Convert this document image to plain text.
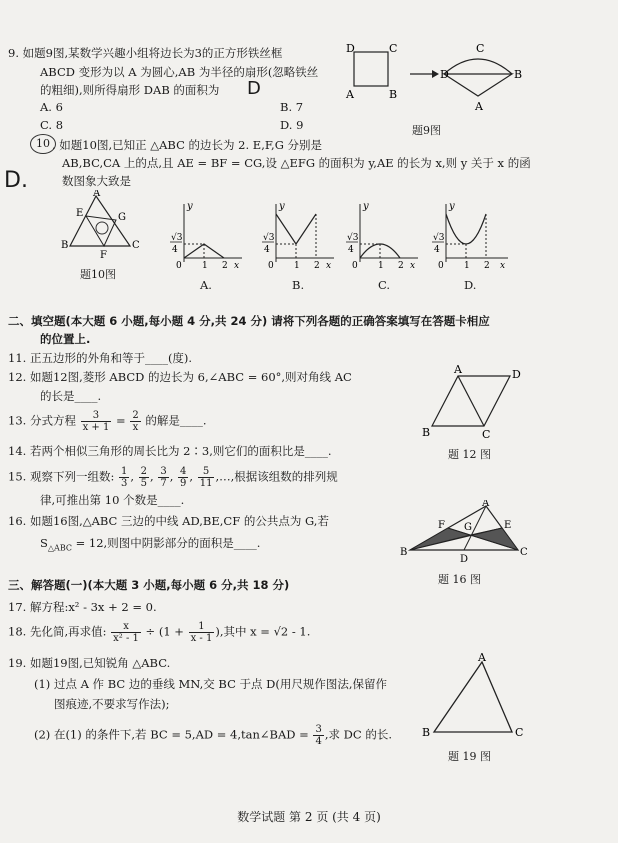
9. 如题9图,某数学兴趣小组将边长为3的正方形铁丝框
ABCD 变形为以 A 为圆心,AB 为半径的扇形(忽略铁丝
的粗细),则所得扇形 DAB 的面积为 D
A. 6	B. 7
C. 8	D. 9
D	C
A	B
C
D	B
A
题9图
10 . 如题10图,已知正 △ABC 的边长为 2. E,F,G 分别是
AB,BC,CA 上的点,且 AE = BF = CG,设 △EFG 的面积为 y,AE 的长为 x,则 y 关于 x 的函
数图象大致是
D.
A
E	G
B
F
C
题10图
y
√3
4
0 1 2 x
A.
y
√3
4
0 1 2 x
B.
y
√3
4
0 1 2 x
C.
y
√3
4
0 1 2 x
D.
二、填空题(本大题 6 小题,每小题 4 分,共 24 分) 请将下列各题的正确答案填写在答题卡相应
的位置上.
11. 正五边形的外角和等于____(度).
12. 如题12图,菱形 ABCD 的边长为 6,∠ABC = 60°,则对角线 AC
的长是____.
A	D
B	C
题 12 图
13. 分式方程 $\frac{3}{x + 1} = \frac{2}{x}$ 的解是____.
14. 若两个相似三角形的周长比为 2∶3,则它们的面积比是____.
15. 观察下列一组数: $\frac{1}{3}$ , $\frac{2}{5}$ , $\frac{3}{7}$ , $\frac{4}{9}$ , $\frac{5}{11}$ ,…,根据该组数的排列规
律,可推出第 10 个数是____.
16. 如题16图,△ABC 三边的中线 AD,BE,CF 的公共点为 G,若
$S_{\triangle ABC} = 12$,则图中阴影部分的面积是____.
A
F G	E
B
D
C
题 16 图
三、解答题(一)(本大题 3 小题,每小题 6 分,共 18 分)
17. 解方程:x² - 3x + 2 = 0.
18. 先化简,再求值: $\frac{x}{\text{x² - 1}} \div (1 + \frac{1}{x - 1}$ ),其中 x = √2 - 1.
19. 如题19图,已知锐角 △ABC.
(1) 过点 A 作 BC 边的垂线 MN,交 BC 于点 D(用尺规作图法,保留作
图痕迹,不要求写作法);
(2) 在(1) 的条件下,若 BC = 5,AD = 4,tan∠BAD = $\frac{3}{4}$ ,求 DC 的长.
A
B	C
题 19 图
数学试题 第 2 页 (共 4 页)
